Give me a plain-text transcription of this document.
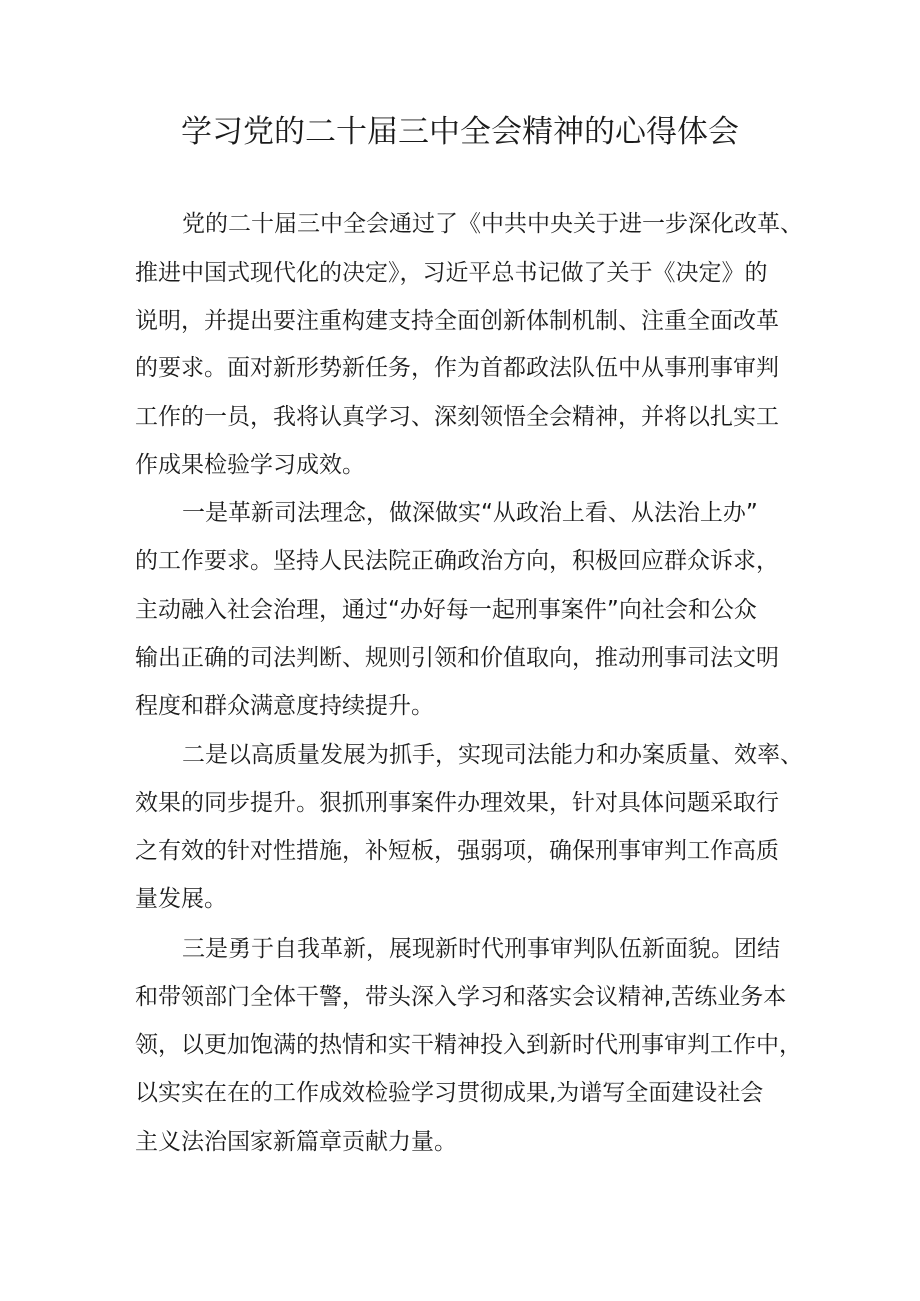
学习党的二十届三中全会精神的心得体会

党的二十届三中全会通过了《中共中央关于进一步深化改革、

推进中国式现代化的决定》，习近平总书记做了关于《决定》的

说明，并提出要注重构建支持全面创新体制机制、注重全面改革

的要求。面对新形势新任务，作为首都政法队伍中从事刑事审判

工作的一员，我将认真学习、深刻领悟全会精神，并将以扎实工

作成果检验学习成效。

一是革新司法理念，做深做实“从政治上看、从法治上办”

的工作要求。坚持人民法院正确政治方向，积极回应群众诉求，

主动融入社会治理，通过“办好每一起刑事案件”向社会和公众

输出正确的司法判断、规则引领和价值取向，推动刑事司法文明

程度和群众满意度持续提升。

二是以高质量发展为抓手，实现司法能力和办案质量、效率、

效果的同步提升。狠抓刑事案件办理效果，针对具体问题采取行

之有效的针对性措施，补短板，强弱项，确保刑事审判工作高质

量发展。

三是勇于自我革新，展现新时代刑事审判队伍新面貌。团结

和带领部门全体干警，带头深入学习和落实会议精神,苦练业务本

领，以更加饱满的热情和实干精神投入到新时代刑事审判工作中，

以实实在在的工作成效检验学习贯彻成果,为谱写全面建设社会

主义法治国家新篇章贡献力量。
